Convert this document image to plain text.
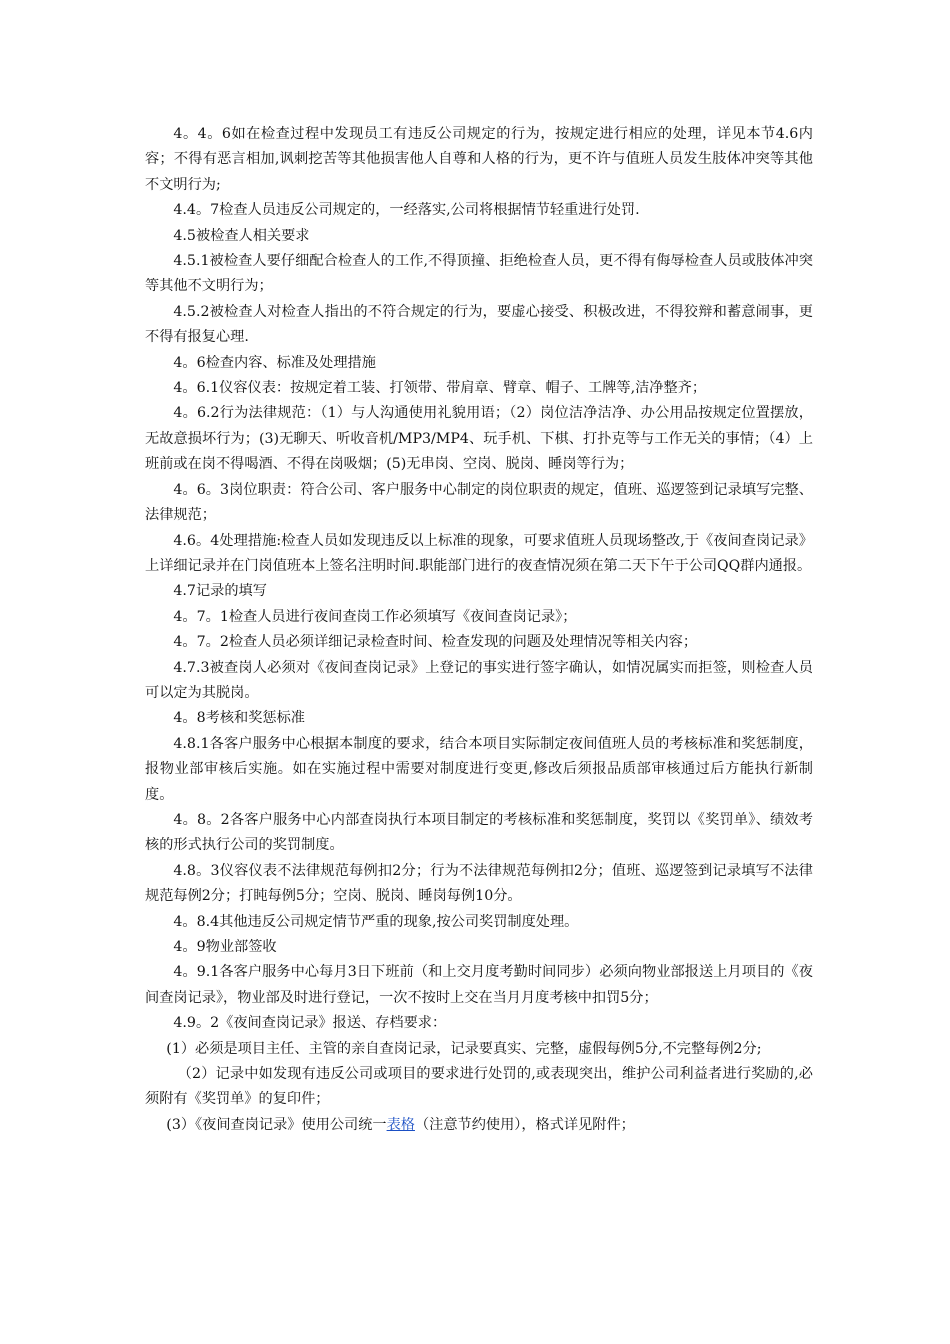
4。4。6如在检查过程中发现员工有违反公司规定的行为，按规定进行相应的处理，详见本节4.6内容；不得有恶言相加,讽刺挖苦等其他损害他人自尊和人格的行为，更不许与值班人员发生肢体冲突等其他不文明行为;

4.4。7检查人员违反公司规定的，一经落实,公司将根据情节轻重进行处罚.

4.5被检查人相关要求

4.5.1被检查人要仔细配合检查人的工作,不得顶撞、拒绝检查人员，更不得有侮辱检查人员或肢体冲突等其他不文明行为；

4.5.2被检查人对检查人指出的不符合规定的行为，要虚心接受、积极改进，不得狡辩和蓄意闹事，更不得有报复心理.

4。6检查内容、标准及处理措施

4。6.1仪容仪表：按规定着工装、打领带、带肩章、臂章、帽子、工牌等,洁净整齐；

4。6.2行为法律规范：（1）与人沟通使用礼貌用语；（2）岗位洁净洁净、办公用品按规定位置摆放，无故意损坏行为；(3)无聊天、听收音机/MP3/MP4、玩手机、下棋、打扑克等与工作无关的事情；（4）上班前或在岗不得喝酒、不得在岗吸烟；(5)无串岗、空岗、脱岗、睡岗等行为；

4。6。3岗位职责：符合公司、客户服务中心制定的岗位职责的规定，值班、巡逻签到记录填写完整、法律规范；

4.6。4处理措施:检查人员如发现违反以上标准的现象，可要求值班人员现场整改,于《夜间查岗记录》上详细记录并在门岗值班本上签名注明时间.职能部门进行的夜查情况须在第二天下午于公司QQ群内通报。

4.7记录的填写

4。7。1检查人员进行夜间查岗工作必须填写《夜间查岗记录》；

4。7。2检查人员必须详细记录检查时间、检查发现的问题及处理情况等相关内容；

4.7.3被查岗人必须对《夜间查岗记录》上登记的事实进行签字确认，如情况属实而拒签，则检查人员可以定为其脱岗。

4。8考核和奖惩标准

4.8.1各客户服务中心根据本制度的要求，结合本项目实际制定夜间值班人员的考核标准和奖惩制度，报物业部审核后实施。如在实施过程中需要对制度进行变更,修改后须报品质部审核通过后方能执行新制度。

4。8。2各客户服务中心内部查岗执行本项目制定的考核标准和奖惩制度，奖罚以《奖罚单》、绩效考核的形式执行公司的奖罚制度。

4.8。3仪容仪表不法律规范每例扣2分；行为不法律规范每例扣2分；值班、巡逻签到记录填写不法律规范每例2分；打盹每例5分；空岗、脱岗、睡岗每例10分。

4。8.4其他违反公司规定情节严重的现象,按公司奖罚制度处理。

4。9物业部签收

4。9.1各客户服务中心每月3日下班前（和上交月度考勤时间同步）必须向物业部报送上月项目的《夜间查岗记录》，物业部及时进行登记，一次不按时上交在当月月度考核中扣罚5分；

4.9。2《夜间查岗记录》报送、存档要求：

(1）必须是项目主任、主管的亲自查岗记录，记录要真实、完整，虚假每例5分,不完整每例2分;

（2）记录中如发现有违反公司或项目的要求进行处罚的,或表现突出，维护公司利益者进行奖励的,必须附有《奖罚单》的复印件；

(3）《夜间查岗记录》使用公司统一表格（注意节约使用），格式详见附件；
